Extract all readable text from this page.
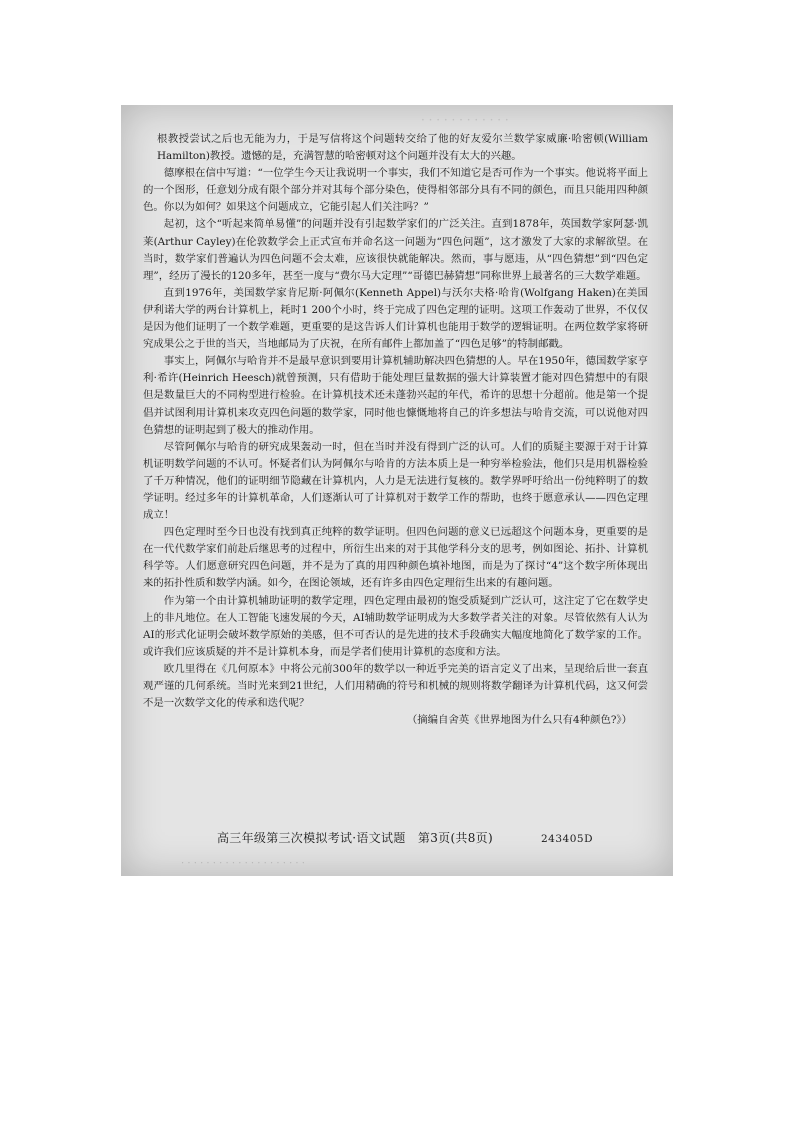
· · · · · · · · · · · ·

根教授尝试之后也无能为力，于是写信将这个问题转交给了他的好友爱尔兰数学家威廉·哈密顿(William Hamilton)教授。遗憾的是，充满智慧的哈密顿对这个问题并没有太大的兴趣。

德摩根在信中写道：“一位学生今天让我说明一个事实，我们不知道它是否可作为一个事实。他说将平面上的一个图形，任意划分成有限个部分并对其每个部分染色，使得相邻部分具有不同的颜色，而且只能用四种颜色。你以为如何？如果这个问题成立，它能引起人们关注吗？”

起初，这个“听起来简单易懂”的问题并没有引起数学家们的广泛关注。直到1878年，英国数学家阿瑟·凯莱(Arthur Cayley)在伦敦数学会上正式宣布并命名这一问题为“四色问题”，这才激发了大家的求解欲望。在当时，数学家们普遍认为四色问题不会太难，应该很快就能解决。然而，事与愿违，从“四色猜想”到“四色定理”，经历了漫长的120多年，甚至一度与“费尔马大定理”“哥德巴赫猜想”同称世界上最著名的三大数学难题。

直到1976年，美国数学家肯尼斯·阿佩尔(Kenneth Appel)与沃尔夫格·哈肯(Wolfgang Haken)在美国伊利诺大学的两台计算机上，耗时1 200个小时，终于完成了四色定理的证明。这项工作轰动了世界，不仅仅是因为他们证明了一个数学难题，更重要的是这告诉人们计算机也能用于数学的逻辑证明。在两位数学家将研究成果公之于世的当天，当地邮局为了庆祝，在所有邮件上都加盖了“四色足够”的特制邮戳。

事实上，阿佩尔与哈肯并不是最早意识到要用计算机辅助解决四色猜想的人。早在1950年，德国数学家亨利·希许(Heinrich Heesch)就曾预测，只有借助于能处理巨量数据的强大计算装置才能对四色猜想中的有限但是数量巨大的不同构型进行检验。在计算机技术还未蓬勃兴起的年代，希许的思想十分超前。他是第一个提倡并试图利用计算机来攻克四色问题的数学家，同时他也慷慨地将自己的许多想法与哈肯交流，可以说他对四色猜想的证明起到了极大的推动作用。

尽管阿佩尔与哈肯的研究成果轰动一时，但在当时并没有得到广泛的认可。人们的质疑主要源于对于计算机证明数学问题的不认可。怀疑者们认为阿佩尔与哈肯的方法本质上是一种穷举检验法，他们只是用机器检验了千万种情况，他们的证明细节隐藏在计算机内，人力是无法进行复核的。数学界呼吁给出一份纯粹明了的数学证明。经过多年的计算机革命，人们逐渐认可了计算机对于数学工作的帮助，也终于愿意承认——四色定理成立！

四色定理时至今日也没有找到真正纯粹的数学证明。但四色问题的意义已远超这个问题本身，更重要的是在一代代数学家们前赴后继思考的过程中，所衍生出来的对于其他学科分支的思考，例如图论、拓扑、计算机科学等。人们愿意研究四色问题，并不是为了真的用四种颜色填补地图，而是为了探讨“4”这个数字所体现出来的拓扑性质和数学内涵。如今，在图论领域，还有许多由四色定理衍生出来的有趣问题。

作为第一个由计算机辅助证明的数学定理，四色定理由最初的饱受质疑到广泛认可，这注定了它在数学史上的非凡地位。在人工智能飞速发展的今天，AI辅助数学证明成为大多数学者关注的对象。尽管依然有人认为AI的形式化证明会破坏数学原始的美感，但不可否认的是先进的技术手段确实大幅度地简化了数学家的工作。或许我们应该质疑的并不是计算机本身，而是学者们使用计算机的态度和方法。

欧几里得在《几何原本》中将公元前300年的数学以一种近乎完美的语言定义了出来，呈现给后世一套直观严谨的几何系统。当时光来到21世纪，人们用精确的符号和机械的规则将数学翻译为计算机代码，这又何尝不是一次数学文化的传承和迭代呢？

（摘编自舍英《世界地图为什么只有4种颜色?》）
高三年级第三次模拟考试·语文试题　第3页(共8页)	243405D
· · · · · · · · · · · · · · · · · · · ·
